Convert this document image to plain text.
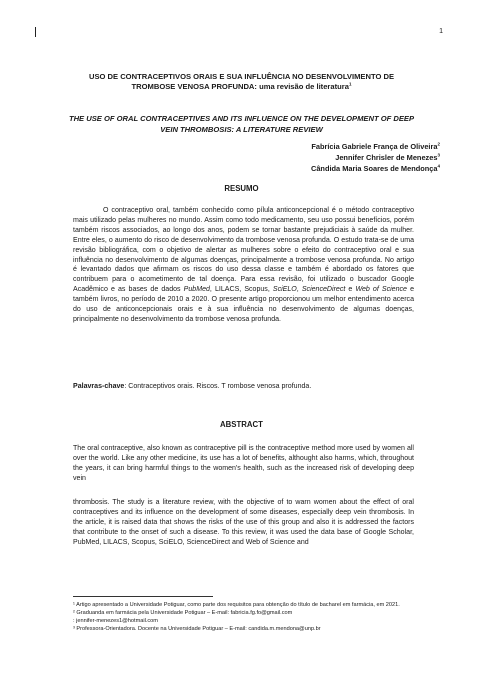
1
USO DE CONTRACEPTIVOS ORAIS E SUA INFLUÊNCIA NO DESENVOLVIMENTO DE TROMBOSE VENOSA PROFUNDA: uma revisão de literatura$^1$
THE USE OF ORAL CONTRACEPTIVES AND ITS INFLUENCE ON THE DEVELOPMENT OF DEEP VEIN THROMBOSIS: A LITERATURE REVIEW
Fabrícia Gabriele França de Oliveira$^2$
Jennifer Chrisler de Menezes$^3$
Cândida Maria Soares de Mendonça$^4$
RESUMO

O contraceptivo oral, também conhecido como pílula anticoncepcional é o método contraceptivo mais utilizado pelas mulheres no mundo. Assim como todo medicamento, seu uso possui benefícios, porém também riscos associados, ao longo dos anos, podem se tornar bastante prejudiciais à saúde da mulher. Entre eles, o aumento do risco de desenvolvimento da trombose venosa profunda. O estudo trata-se de uma revisão bibliográfica, com o objetivo de alertar as mulheres sobre o efeito do contraceptivo oral e sua influência no desenvolvimento de algumas doenças, principalmente a trombose venosa profunda. No artigo é levantado dados que afirmam os riscos do uso dessa classe e também é abordado os fatores que contribuem para o acometimento de tal doença. Para essa revisão, foi utilizado o buscador Google Acadêmico e as bases de dados PubMed, LILACS, Scopus, SciELO, ScienceDirect e Web of Science e também livros, no período de 2010 a 2020. O presente artigo proporcionou um melhor entendimento acerca do uso de anticoncepcionais orais e à sua influência no desenvolvimento de algumas doenças, principalmente no desenvolvimento da trombose venosa profunda.

Palavras-chave: Contraceptivos orais. Riscos. T rombose venosa profunda.
ABSTRACT

The oral contraceptive, also known as contraceptive pill is the contraceptive method more used by women all over the world. Like any other medicine, its use has a lot of benefits, althought also harms, which, throughout the years, it can bring harmful things to the women's health, such as the increased risk of developing deep vein

thrombosis. The study is a literature review, with the objective of to warn women about the effect of oral contraceptives and its influence on the development of some diseases, especially deep vein thrombosis. In the article, it is raised data that shows the risks of the use of this group and also it is addressed the factors that contribute to the onset of such a disease. To this review, it was used the data base of Google Scholar, PubMed, LILACS, Scopus, SciELO, ScienceDirect and Web of Science and

¹ Artigo apresentado a Universidade Potiguar, como parte dos requisitos para obtenção do título de bacharel em farmácia, em 2021.

² Graduanda em farmácia pela Universidade Potiguar – E-mail: fabricia.fg.fo@gmail.com

: jennifer-menezes1@hotmail.com

³ Professora-Orientadora. Docente na Universidade Potiguar – E-mail: candida.m.mendona@unp.br
